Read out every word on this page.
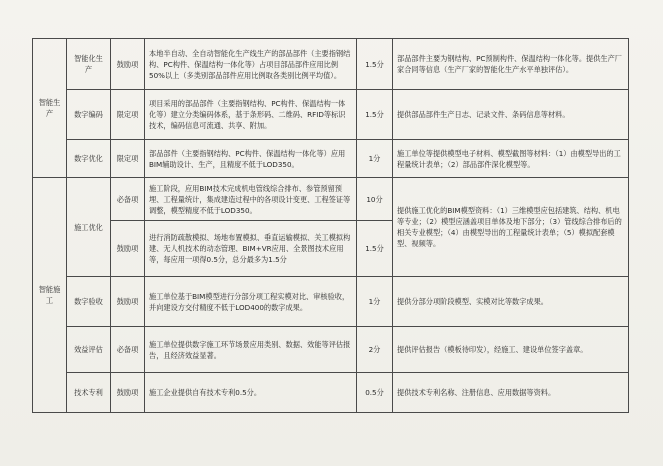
智能生产	智能化生产	鼓励项	本地半自动、全自动智能化生产线生产的部品部件（主要指钢结构、PC构件、保温结构一体化等）占项目部品部件应用比例50%以上（多类别部品部件应用比例取各类别比例平均值）。	1.5分	部品部件主要为钢结构、PC预制构件、保温结构一体化等。提供生产厂家合同等信息（生产厂家的智能化生产水平单独评估）。
	数字编码	限定项	项目采用的部品部件（主要指钢结构、PC构件、保温结构一体化等）建立分类编码体系，基于条形码、二维码、RFID等标识技术，编码信息可流通、共享、附加。	1.5分	提供部品部件生产日志、记录文件、条码信息等材料。
	数字优化	限定项	部品部件（主要指钢结构、PC构件、保温结构一体化等）应用BIM辅助设计、生产，且精度不低于LOD350。	1分	施工单位等提供模型电子材料、模型截图等材料：（1）由模型导出的工程量统计表单；（2）部品部件深化模型等。
智能施工	施工优化	必备项	施工阶段，应用BIM技术完成机电管线综合排布、参管预留预埋、工程量统计，集成建造过程中的各项设计变更、工程签证等调整，模型精度不低于LOD350。	10分	提供施工优化的BIM模型资料：（1）三维模型应包括建筑、结构、机电等专业；（2）模型应涵盖项目单体及地下部分；（3）管线综合排布后的相关专业模型；（4）由模型导出的工程量统计表单；（5）模拟配套模型、视频等。
		鼓励项	进行消防疏散模拟、场地布置模拟、垂直运输模拟、关工模拟构建、无人机技术的动态管理、BIM+VR应用、全景图技术应用等，每应用一项得0.5分，总分最多为1.5分	1.5分	
	数字验收	鼓励项	施工单位基于BIM模型进行分部分项工程实模对比、审核验收，并向建设方交付精度不低于LOD400的数字成果。	1分	提供分部分项阶段模型、实模对比等数字成果。
	效益评估	必备项	施工单位提供数字施工环节场景应用类别、数据、效能等评估报告，且经济效益显著。	2分	提供评估报告（模板待印发），经施工、建设单位签字盖章。
	技术专利	鼓励项	施工企业提供自有技术专利0.5分。	0.5分	提供技术专利名称、注册信息、应用数据等资料。
